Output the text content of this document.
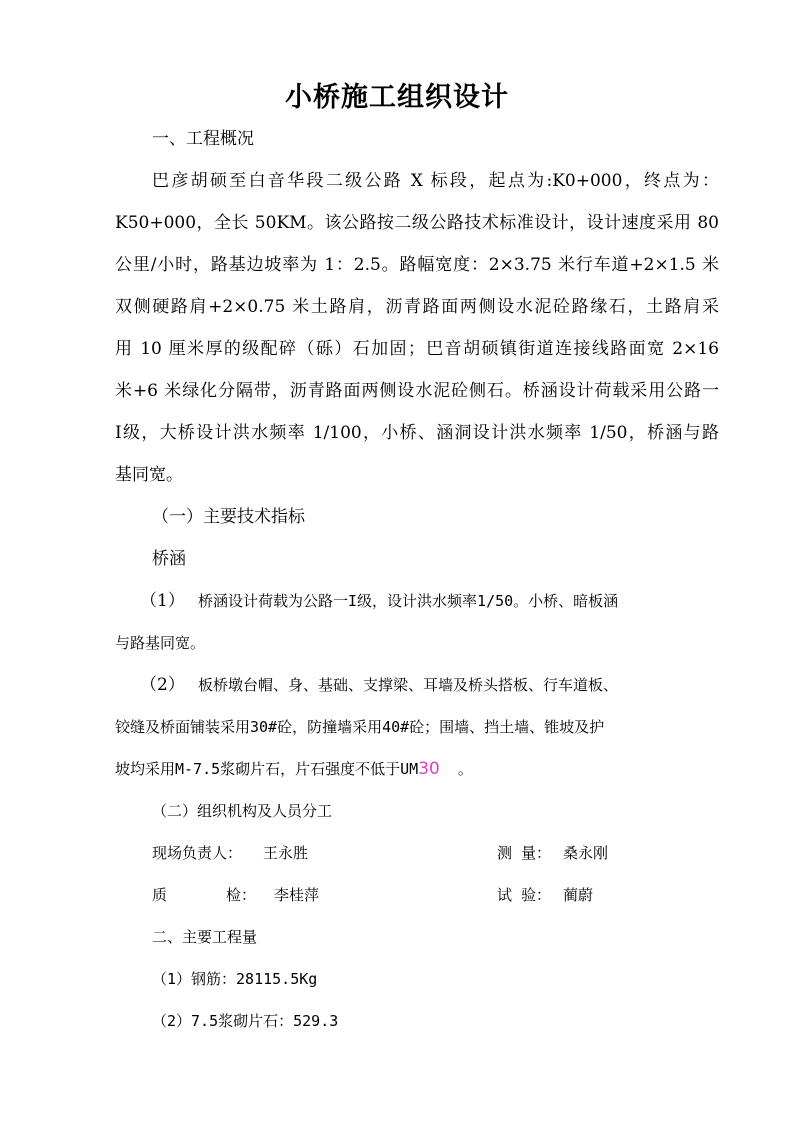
小桥施工组织设计
一、工程概况
巴彦胡硕至白音华段二级公路 X 标段，起点为:K0+000，终点为：
K50+000，全长 50KM。该公路按二级公路技术标准设计，设计速度采用 80
公里/小时，路基边坡率为 1：2.5。路幅宽度：2×3.75 米行车道+2×1.5 米
双侧硬路肩+2×0.75 米土路肩，沥青路面两侧设水泥砼路缘石，土路肩采
用 10 厘米厚的级配碎（砾）石加固；巴音胡硕镇街道连接线路面宽 2×16
米+6 米绿化分隔带，沥青路面两侧设水泥砼侧石。桥涵设计荷载采用公路一
Ⅰ级，大桥设计洪水频率 1/100，小桥、涵洞设计洪水频率 1/50，桥涵与路
基同宽。
（一）主要技术指标
桥涵
（1） 桥涵设计荷载为公路一I级，设计洪水频率1/50。小桥、暗板涵
与路基同宽。
（2） 板桥墩台帽、身、基础、支撑梁、耳墙及桥头搭板、行车道板、
铰缝及桥面铺装采用30#砼，防撞墙采用40#砼；围墙、挡土墙、锥坡及护
坡均采用M-7.5浆砌片石，片石强度不低于UM30 。
（二）组织机构及人员分工
现场负责人： 王永胜	测 量： 桑永刚
质	检： 李桂萍	试 验： 蔺蔚
二、主要工程量
（1）钢筋：28115.5Kg
（2）7.5浆砌片石：529.3
